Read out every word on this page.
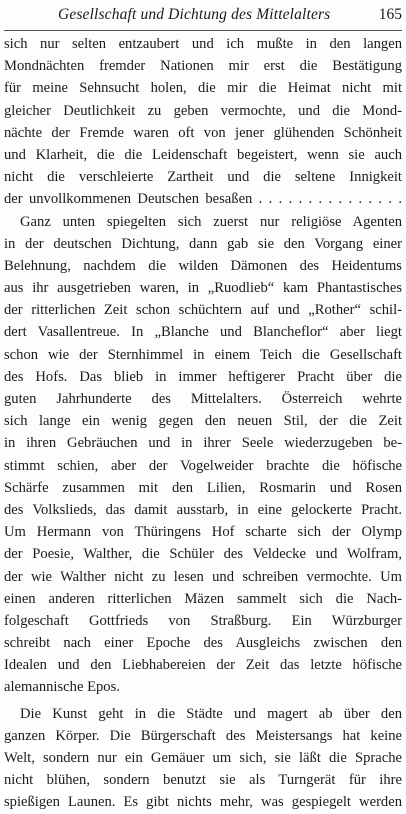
Gesellschaft und Dichtung des Mittelalters	165
sich nur selten entzaubert und ich mußte in den langen
Mondnächten fremder Nationen mir erst die Bestätigung
für meine Sehnsucht holen, die mir die Heimat nicht mit
gleicher Deutlichkeit zu geben vermochte, und die Mond-
nächte der Fremde waren oft von jener glühenden Schönheit
und Klarheit, die die Leidenschaft begeistert, wenn sie auch
nicht die verschleierte Zartheit und die seltene Innigkeit
der unvollkommenen Deutschen besaßen . . . . . . . . . . . . . . .
Ganz unten spiegelten sich zuerst nur religiöse Agenten
in der deutschen Dichtung, dann gab sie den Vorgang einer
Belehnung, nachdem die wilden Dämonen des Heidentums
aus ihr ausgetrieben waren, in „Ruodlieb“ kam Phantastisches
der ritterlichen Zeit schon schüchtern auf und „Rother“ schil-
dert Vasallentreue. In „Blanche und Blancheflor“ aber liegt
schon wie der Sternhimmel in einem Teich die Gesellschaft
des Hofs. Das blieb in immer heftigerer Pracht über die
guten Jahrhunderte des Mittelalters. Österreich wehrte
sich lange ein wenig gegen den neuen Stil, der die Zeit
in ihren Gebräuchen und in ihrer Seele wiederzugeben be-
stimmt schien, aber der Vogelweider brachte die höfische
Schärfe zusammen mit den Lilien, Rosmarin und Rosen
des Volkslieds, das damit ausstarb, in eine gelockerte Pracht.
Um Hermann von Thüringens Hof scharte sich der Olymp
der Poesie, Walther, die Schüler des Veldecke und Wolfram,
der wie Walther nicht zu lesen und schreiben vermochte. Um
einen anderen ritterlichen Mäzen sammelt sich die Nach-
folgeschaft Gottfrieds von Straßburg. Ein Würzburger
schreibt nach einer Epoche des Ausgleichs zwischen den
Idealen und den Liebhabereien der Zeit das letzte höfische
alemannische Epos.
Die Kunst geht in die Städte und magert ab über den
ganzen Körper. Die Bürgerschaft des Meistersangs hat keine
Welt, sondern nur ein Gemäuer um sich, sie läßt die Sprache
nicht blühen, sondern benutzt sie als Turngerät für ihre
spießigen Launen. Es gibt nichts mehr, was gespiegelt werden
